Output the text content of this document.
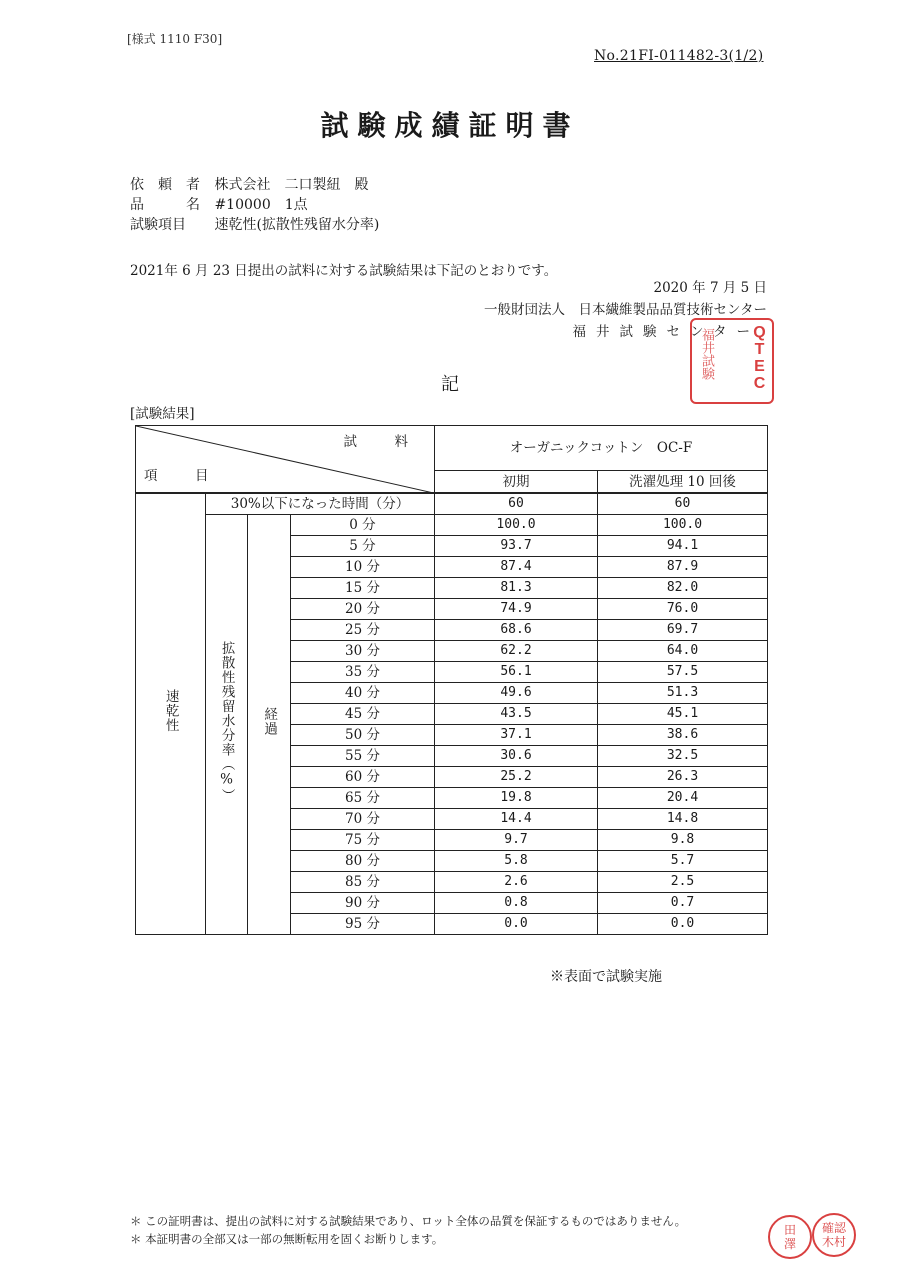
[様式 1110 F30]
No.21FI-011482-3(1/2)
試験成績証明書
依　頼　者 株式会社　二口製紐　殿
品　　　名 #10000　1点
試験項目 速乾性(拡散性残留水分率)
2021年 6 月 23 日提出の試料に対する試験結果は下記のとおりです。
2020 年 7 月 5 日
一般財団法人　日本繊維製品品質技術センター
福井試験センター
QTEC
福井試験
記
[試験結果]
試　料
項　目				オーガニックコットン　OC-F	
				初期	洗濯処理 10 回後
速乾性	30%以下になった時間（分）			60	60
	拡散性残留水分率（%）	経過	0 分	100.0	100.0
			5 分	93.7	94.1
			10 分	87.4	87.9
			15 分	81.3	82.0
			20 分	74.9	76.0
			25 分	68.6	69.7
			30 分	62.2	64.0
			35 分	56.1	57.5
			40 分	49.6	51.3
			45 分	43.5	45.1
			50 分	37.1	38.6
			55 分	30.6	32.5
			60 分	25.2	26.3
			65 分	19.8	20.4
			70 分	14.4	14.8
			75 分	9.7	9.8
			80 分	5.8	5.7
			85 分	2.6	2.5
			90 分	0.8	0.7
			95 分	0.0	0.0
※表面で試験実施
＊ この証明書は、提出の試料に対する試験結果であり、ロット全体の品質を保証するものではありません。
＊ 本証明書の全部又は一部の無断転用を固くお断りします。
田
澤
確認
木村
